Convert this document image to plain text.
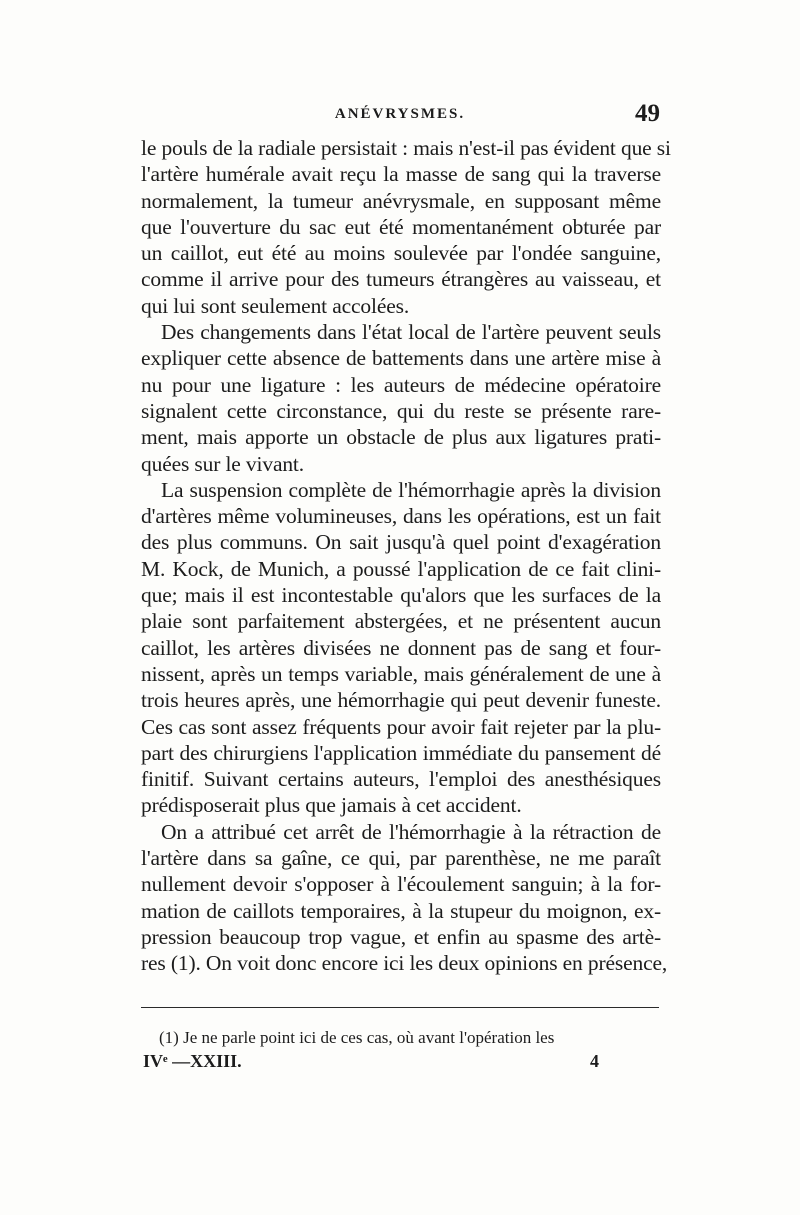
ANÉVRYSMES.	49
le pouls de la radiale persistait : mais n'est-il pas évident que si
l'artère humérale avait reçu la masse de sang qui la traverse
normalement, la tumeur anévrysmale, en supposant même
que l'ouverture du sac eut été momentanément obturée par
un caillot, eut été au moins soulevée par l'ondée sanguine,
comme il arrive pour des tumeurs étrangères au vaisseau, et
qui lui sont seulement accolées.
Des changements dans l'état local de l'artère peuvent seuls
expliquer cette absence de battements dans une artère mise à
nu pour une ligature : les auteurs de médecine opératoire
signalent cette circonstance, qui du reste se présente rare-
ment, mais apporte un obstacle de plus aux ligatures prati-
quées sur le vivant.
La suspension complète de l'hémorrhagie après la division
d'artères même volumineuses, dans les opérations, est un fait
des plus communs. On sait jusqu'à quel point d'exagération
M. Kock, de Munich, a poussé l'application de ce fait clini-
que; mais il est incontestable qu'alors que les surfaces de la
plaie sont parfaitement abstergées, et ne présentent aucun
caillot, les artères divisées ne donnent pas de sang et four-
nissent, après un temps variable, mais généralement de une à
trois heures après, une hémorrhagie qui peut devenir funeste.
Ces cas sont assez fréquents pour avoir fait rejeter par la plu-
part des chirurgiens l'application immédiate du pansement dé
finitif. Suivant certains auteurs, l'emploi des anesthésiques
prédisposerait plus que jamais à cet accident.
On a attribué cet arrêt de l'hémorrhagie à la rétraction de
l'artère dans sa gaîne, ce qui, par parenthèse, ne me paraît
nullement devoir s'opposer à l'écoulement sanguin; à la for-
mation de caillots temporaires, à la stupeur du moignon, ex-
pression beaucoup trop vague, et enfin au spasme des artè-
res (1). On voit donc encore ici les deux opinions en présence,
(1) Je ne parle point ici de ces cas, où avant l'opération les
IVᵉ —XXIII.	4
